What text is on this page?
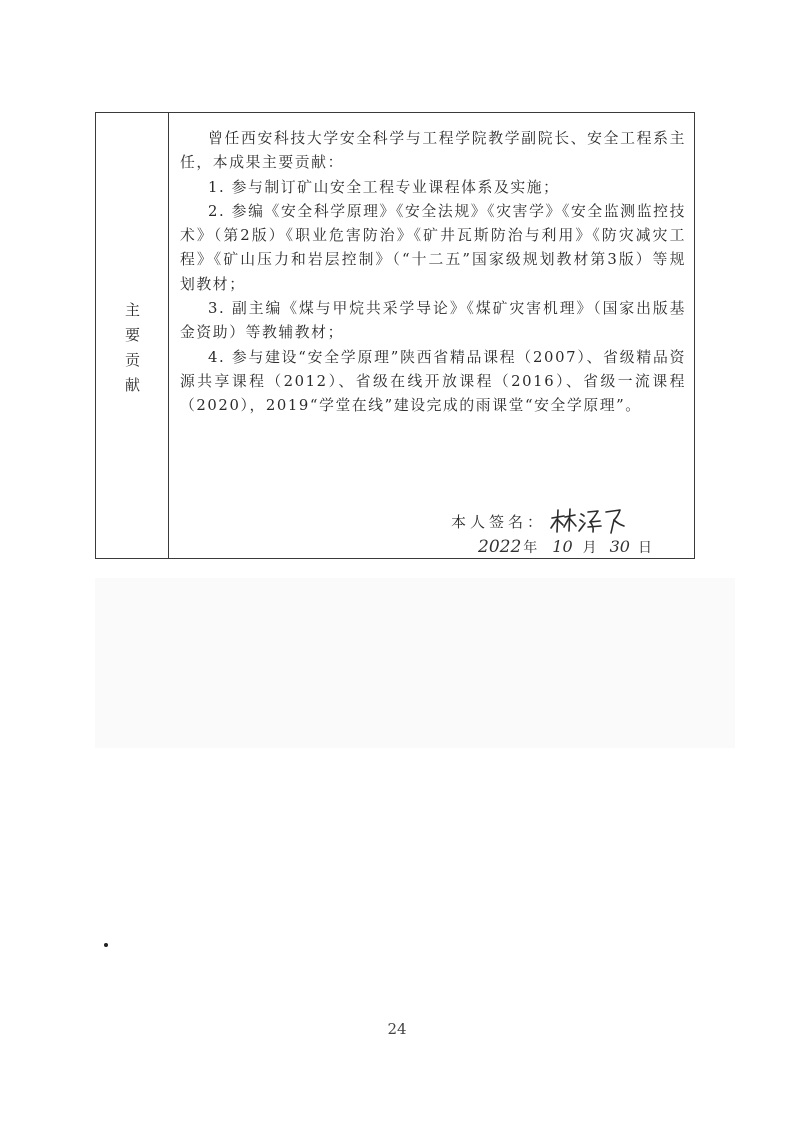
主
要
贡
献

曾任西安科技大学安全科学与工程学院教学副院长、安全工程系主任，本成果主要贡献：

1. 参与制订矿山安全工程专业课程体系及实施；

2. 参编《安全科学原理》《安全法规》《灾害学》《安全监测监控技术》（第2版）《职业危害防治》《矿井瓦斯防治与利用》《防灾减灾工程》《矿山压力和岩层控制》（“十二五”国家级规划教材第3版）等规划教材；

3. 副主编《煤与甲烷共采学导论》《煤矿灾害机理》（国家出版基金资助）等教辅教材；

4. 参与建设“安全学原理”陕西省精品课程（2007）、省级精品资源共享课程（2012）、省级在线开放课程（2016）、省级一流课程（2020），2019“学堂在线”建设完成的雨课堂“安全学原理”。

本人签名：
2022 年 10 月 30 日
24
